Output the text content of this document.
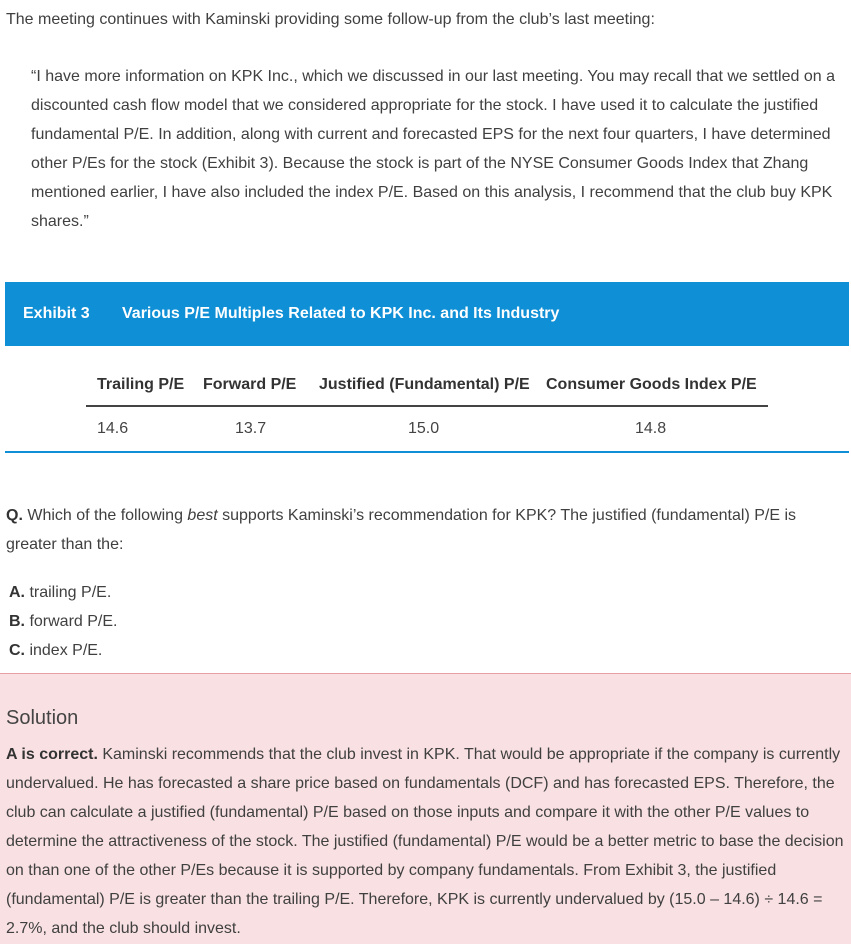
The meeting continues with Kaminski providing some follow-up from the club’s last meeting:

“I have more information on KPK Inc., which we discussed in our last meeting. You may recall that we settled on a discounted cash flow model that we considered appropriate for the stock. I have used it to calculate the justified fundamental P/E. In addition, along with current and forecasted EPS for the next four quarters, I have determined other P/Es for the stock (Exhibit 3). Because the stock is part of the NYSE Consumer Goods Index that Zhang mentioned earlier, I have also included the index P/E. Based on this analysis, I recommend that the club buy KPK shares.”

Exhibit 3	Various P/E Multiples Related to KPK Inc. and Its Industry
Trailing P/E	Forward P/E	Justified (Fundamental) P/E	Consumer Goods Index P/E
14.6	13.7	15.0	14.8

Q. Which of the following best supports Kaminski’s recommendation for KPK? The justified (fundamental) P/E is greater than the:

A. trailing P/E.
B. forward P/E.
C. index P/E.
Solution

A is correct. Kaminski recommends that the club invest in KPK. That would be appropriate if the company is currently undervalued. He has forecasted a share price based on fundamentals (DCF) and has forecasted EPS. Therefore, the club can calculate a justified (fundamental) P/E based on those inputs and compare it with the other P/E values to determine the attractiveness of the stock. The justified (fundamental) P/E would be a better metric to base the decision on than one of the other P/Es because it is supported by company fundamentals. From Exhibit 3, the justified (fundamental) P/E is greater than the trailing P/E. Therefore, KPK is currently undervalued by (15.0 – 14.6) ÷ 14.6 = 2.7%, and the club should invest.
